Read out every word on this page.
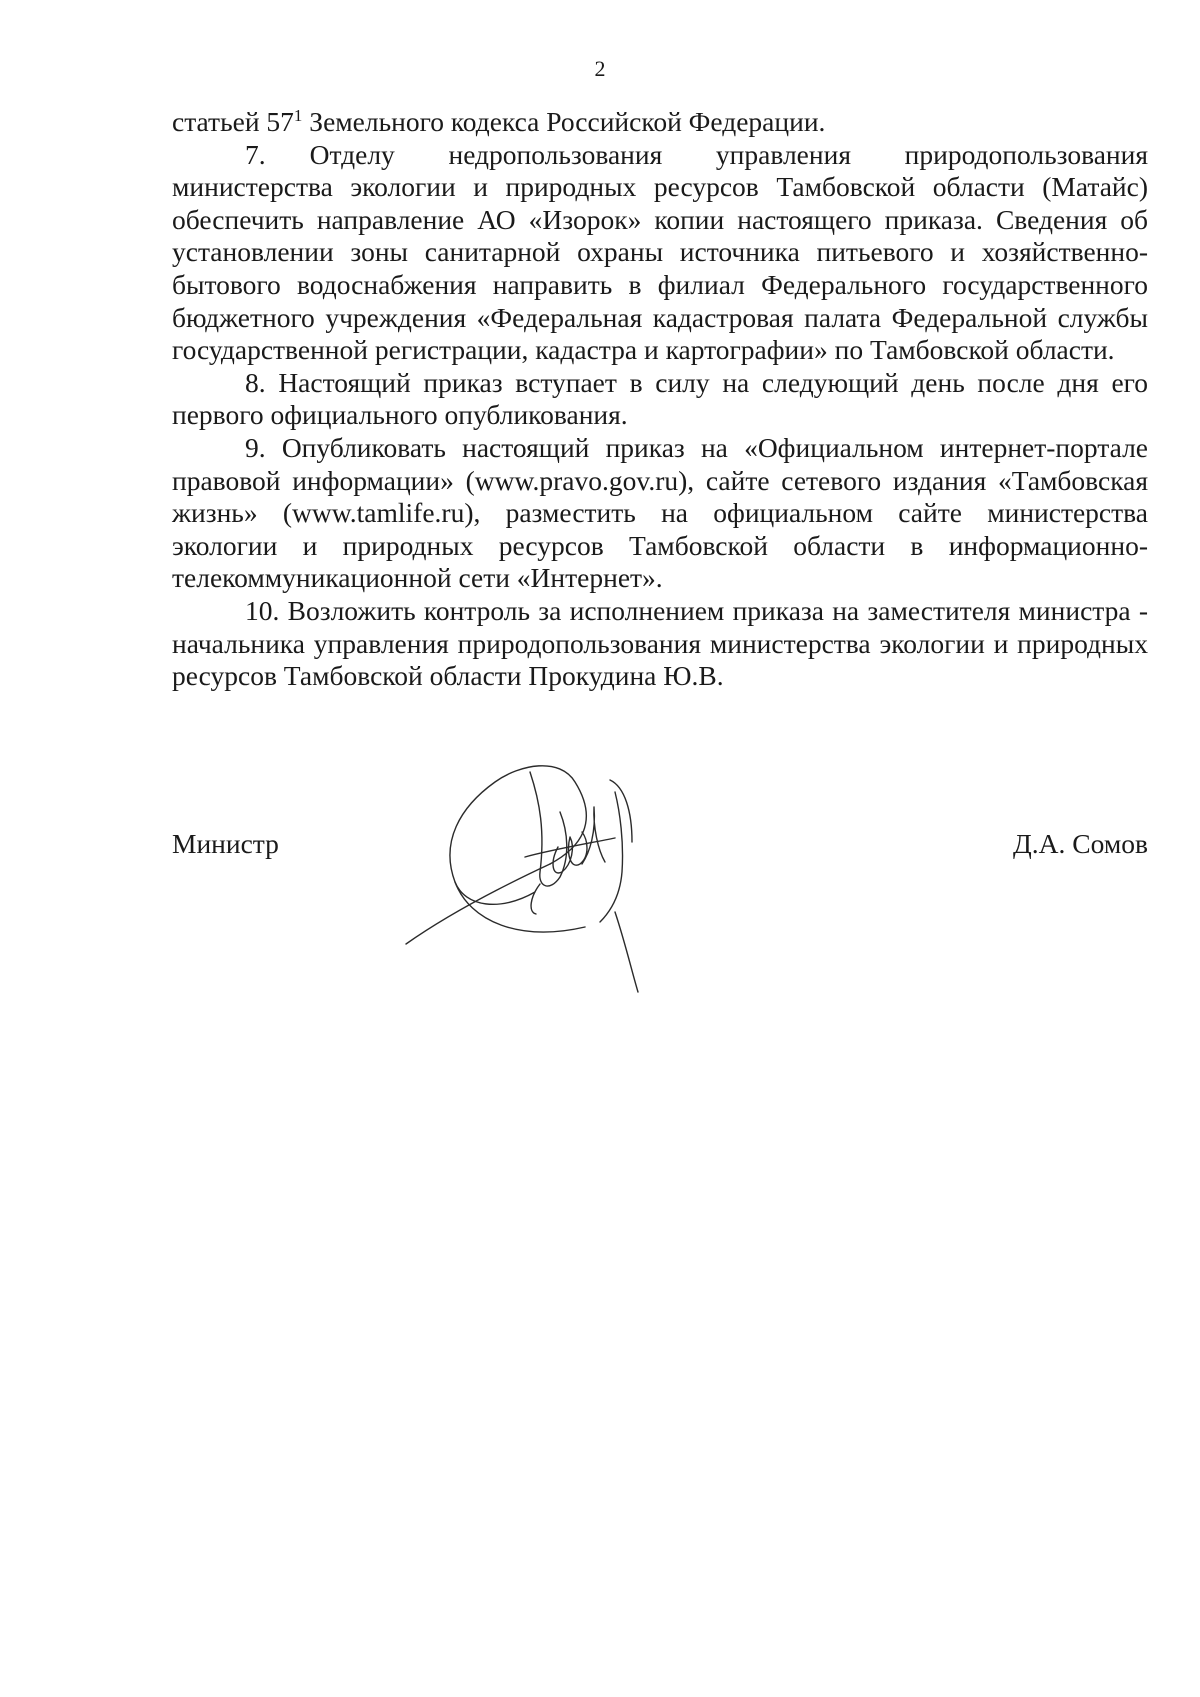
2

статьей $57^1$ Земельного кодекса Российской Федерации.

7. Отделу недропользования управления природопользования министерства экологии и природных ресурсов Тамбовской области (Матайс) обеспечить направление АО «Изорок» копии настоящего приказа. Сведения об установлении зоны санитарной охраны источника питьевого и хозяйственно-бытового водоснабжения направить в филиал Федерального государственного бюджетного учреждения «Федеральная кадастровая палата Федеральной службы государственной регистрации, кадастра и картографии» по Тамбовской области.

8. Настоящий приказ вступает в силу на следующий день после дня его первого официального опубликования.

9. Опубликовать настоящий приказ на «Официальном интернет-портале правовой информации» (www.pravo.gov.ru), сайте сетевого издания «Тамбовская жизнь» (www.tamlife.ru), разместить на официальном сайте министерства экологии и природных ресурсов Тамбовской области в информационно-телекоммуникационной сети «Интернет».

10. Возложить контроль за исполнением приказа на заместителя министра - начальника управления природопользования министерства экологии и природных ресурсов Тамбовской области Прокудина Ю.В.

Министр	Д.А. Сомов
